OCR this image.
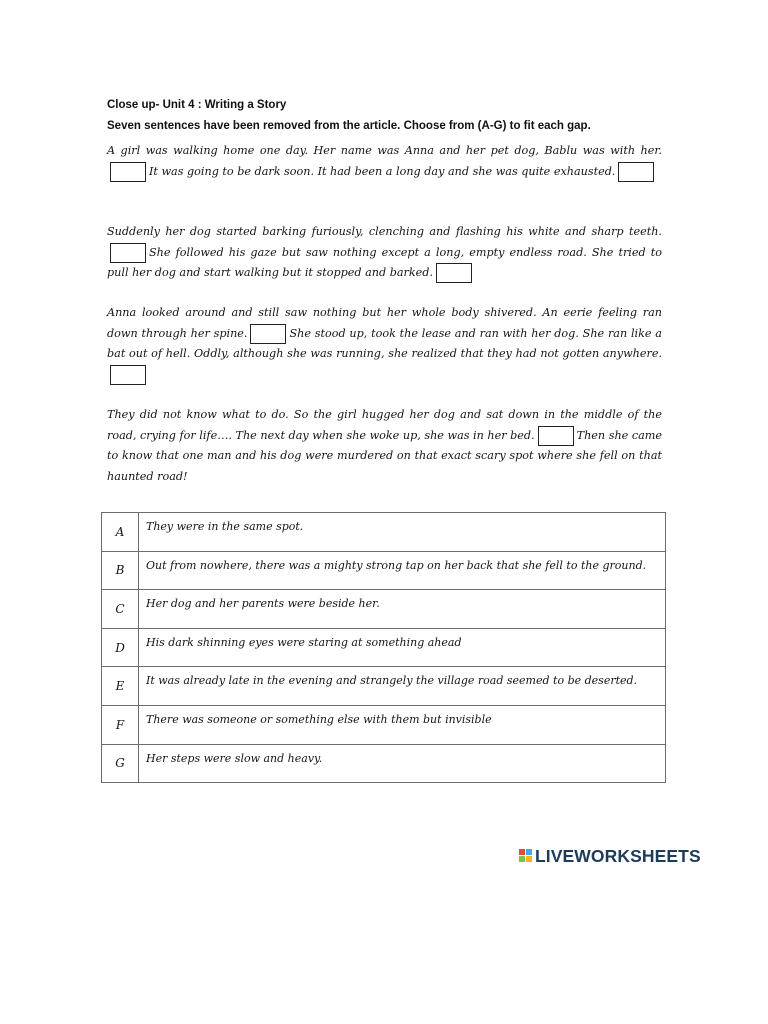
Close up- Unit 4 : Writing a Story
Seven sentences have been removed from the article. Choose from (A-G) to fit each gap.

A girl was walking home one day. Her name was Anna and her pet dog, Bablu was with her.It was going to be dark soon. It had been a long day and she was quite exhausted.

Suddenly her dog started barking furiously, clenching and flashing his white and sharp teeth.She followed his gaze but saw nothing except a long, empty endless road. She tried to pull her dog and start walking but it stopped and barked.

Anna looked around and still saw nothing but her whole body shivered. An eerie feeling ran down through her spine.	She stood up, took the lease and ran with her dog. She ran like a bat out of hell. Oddly, although she was running, she realized that they had not gotten anywhere.

They did not know what to do. So the girl hugged her dog and sat down in the middle of the road, crying for life…. The next day when she woke up, she was in her bed.	Then she came to know that one man and his dog were murdered on that exact scary spot where she fell on that haunted road!

A	They were in the same spot.
B	Out from nowhere, there was a mighty strong tap on her back that she fell to the ground.
C	Her dog and her parents were beside her.
D	His dark shinning eyes were staring at something ahead
E	It was already late in the evening and strangely the village road seemed to be deserted.
F	There was someone or something else with them but invisible
G	Her steps were slow and heavy.
LIVEWORKSHEETS
